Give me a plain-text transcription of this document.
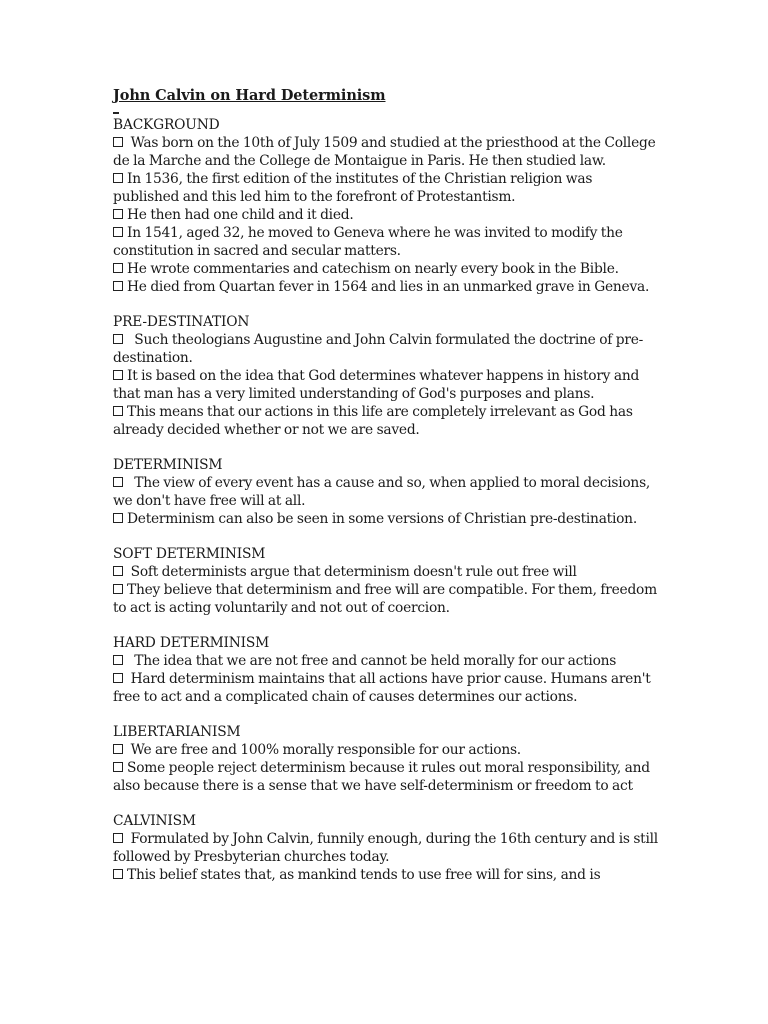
John Calvin on Hard Determinism
BACKGROUND
Was born on the 10th of July 1509 and studied at the priesthood at the College de la Marche and the College de Montaigue in Paris. He then studied law.
In 1536, the first edition of the institutes of the Christian religion was published and this led him to the forefront of Protestantism.
He then had one child and it died.
In 1541, aged 32, he moved to Geneva where he was invited to modify the constitution in sacred and secular matters.
He wrote commentaries and catechism on nearly every book in the Bible.
He died from Quartan fever in 1564 and lies in an unmarked grave in Geneva.
PRE-DESTINATION
Such theologians Augustine and John Calvin formulated the doctrine of pre-destination.
It is based on the idea that God determines whatever happens in history and that man has a very limited understanding of God's purposes and plans.
This means that our actions in this life are completely irrelevant as God has already decided whether or not we are saved.
DETERMINISM
The view of every event has a cause and so, when applied to moral decisions, we don't have free will at all.
Determinism can also be seen in some versions of Christian pre-destination.
SOFT DETERMINISM
Soft determinists argue that determinism doesn't rule out free will
They believe that determinism and free will are compatible. For them, freedom to act is acting voluntarily and not out of coercion.
HARD DETERMINISM
The idea that we are not free and cannot be held morally for our actions
Hard determinism maintains that all actions have prior cause. Humans aren't free to act and a complicated chain of causes determines our actions.
LIBERTARIANISM
We are free and 100% morally responsible for our actions.
Some people reject determinism because it rules out moral responsibility, and also because there is a sense that we have self-determinism or freedom to act
CALVINISM
Formulated by John Calvin, funnily enough, during the 16th century and is still followed by Presbyterian churches today.
This belief states that, as mankind tends to use free will for sins, and is
